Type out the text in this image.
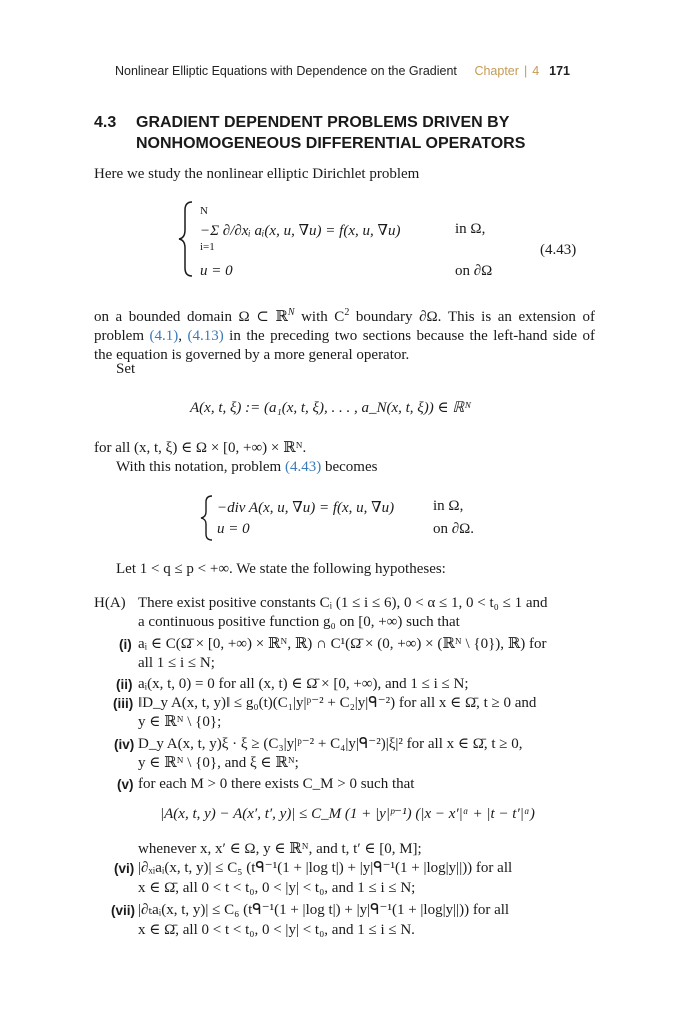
Nonlinear Elliptic Equations with Dependence on the Gradient Chapter | 4 171
4.3 GRADIENT DEPENDENT PROBLEMS DRIVEN BY
NONHOMOGENEOUS DIFFERENTIAL OPERATORS
Here we study the nonlinear elliptic Dirichlet problem
N
i=1
−Σ ∂/∂xᵢ aᵢ(x, u, ∇u) = f(x, u, ∇u)	in Ω,
u = 0	on ∂Ω
(4.43)
on a bounded domain Ω ⊂ ℝ$^N$ with $C^2$ boundary ∂Ω. This is an extension of problem (4.1), (4.13) in the preceding two sections because the left-hand side of the equation is governed by a more general operator.
Set
A(x, t, ξ) := (a₁(x, t, ξ), . . . , a_N(x, t, ξ)) ∈ ℝᴺ
for all (x, t, ξ) ∈ Ω × [0, +∞) × ℝᴺ.
With this notation, problem (4.43) becomes
−div A(x, u, ∇u) = f(x, u, ∇u)	in Ω,
u = 0	on ∂Ω.
Let 1 < q ≤ p < +∞. We state the following hypotheses:
H(A) There exist positive constants Cᵢ (1 ≤ i ≤ 6), 0 < α ≤ 1, 0 < t₀ ≤ 1 and
a continuous positive function g₀ on [0, +∞) such that
(i) aᵢ ∈ C(Ω̄ × [0, +∞) × ℝᴺ, ℝ) ∩ C¹(Ω̄ × (0, +∞) × (ℝᴺ \ {0}), ℝ) for
all 1 ≤ i ≤ N;
(ii) aᵢ(x, t, 0) = 0 for all (x, t) ∈ Ω̄ × [0, +∞), and 1 ≤ i ≤ N;
(iii) ‖D_y A(x, t, y)‖ ≤ g₀(t)(C₁|y|ᵖ⁻² + C₂|y|ᑫ⁻²) for all x ∈ Ω̄, t ≥ 0 and
y ∈ ℝᴺ \ {0};
(iv) D_y A(x, t, y)ξ · ξ ≥ (C₃|y|ᵖ⁻² + C₄|y|ᑫ⁻²)|ξ|² for all x ∈ Ω̄, t ≥ 0,
y ∈ ℝᴺ \ {0}, and ξ ∈ ℝᴺ;
(v) for each M > 0 there exists C_M > 0 such that
|A(x, t, y) − A(x′, t′, y)| ≤ C_M (1 + |y|ᵖ⁻¹) (|x − x′|ᵅ + |t − t′|ᵅ)
whenever x, x′ ∈ Ω, y ∈ ℝᴺ, and t, t′ ∈ [0, M];
(vi) |∂ₓᵢaᵢ(x, t, y)| ≤ C₅ (tᑫ⁻¹(1 + |log t|) + |y|ᑫ⁻¹(1 + |log|y||)) for all
x ∈ Ω̄, all 0 < t < t₀, 0 < |y| < t₀, and 1 ≤ i ≤ N;
(vii) |∂ₜaᵢ(x, t, y)| ≤ C₆ (tᑫ⁻¹(1 + |log t|) + |y|ᑫ⁻¹(1 + |log|y||)) for all
x ∈ Ω̄, all 0 < t < t₀, 0 < |y| < t₀, and 1 ≤ i ≤ N.
